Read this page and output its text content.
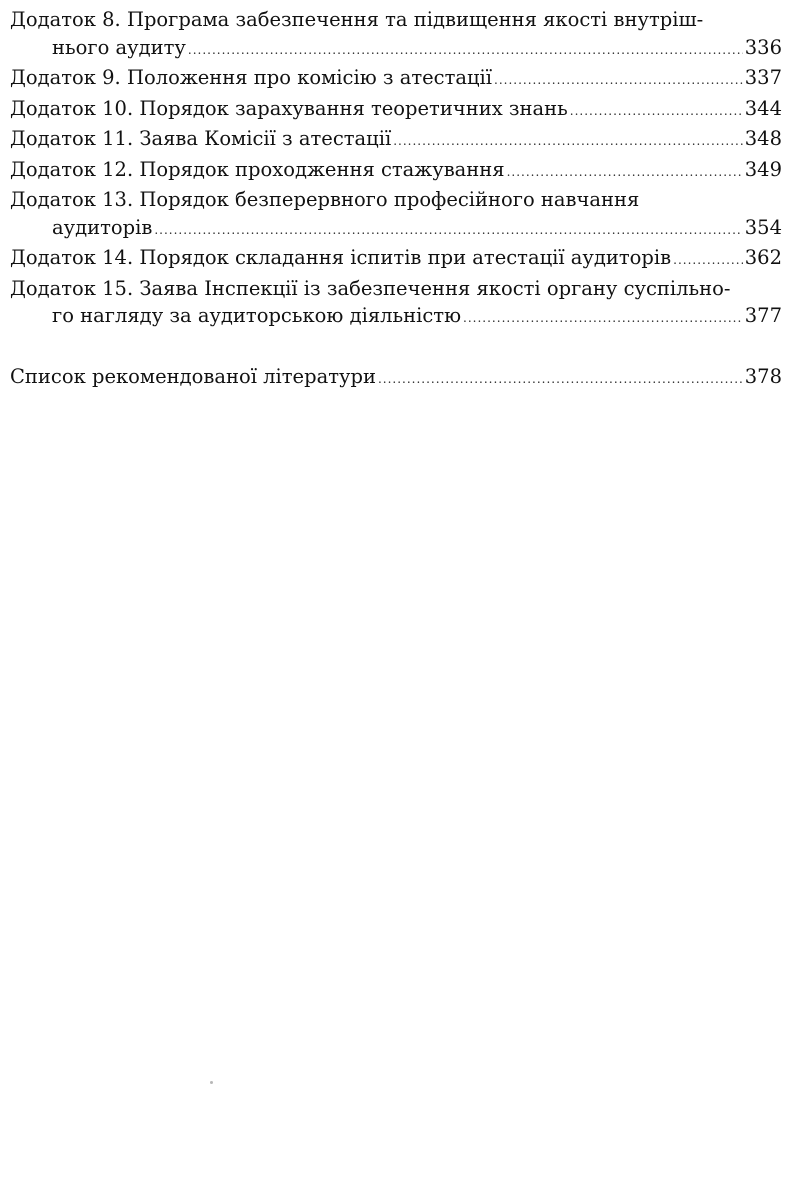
Додаток 8. Програма забезпечення та підвищення якості внутріш-
нього аудиту .....	336
Додаток 9. Положення про комісію з атестації .....	337
Додаток 10. Порядок зарахування теоретичних знань .....	344
Додаток 11. Заява Комісії з атестації .....	348
Додаток 12. Порядок проходження стажування .....	349
Додаток 13. Порядок безперервного професійного навчання
аудиторів .....	354
Додаток 14. Порядок складання іспитів при атестації аудиторів .....	362
Додаток 15. Заява Інспекції із забезпечення якості органу суспільно-
го нагляду за аудиторською діяльністю .....	377
Список рекомендованої літератури .....	378
